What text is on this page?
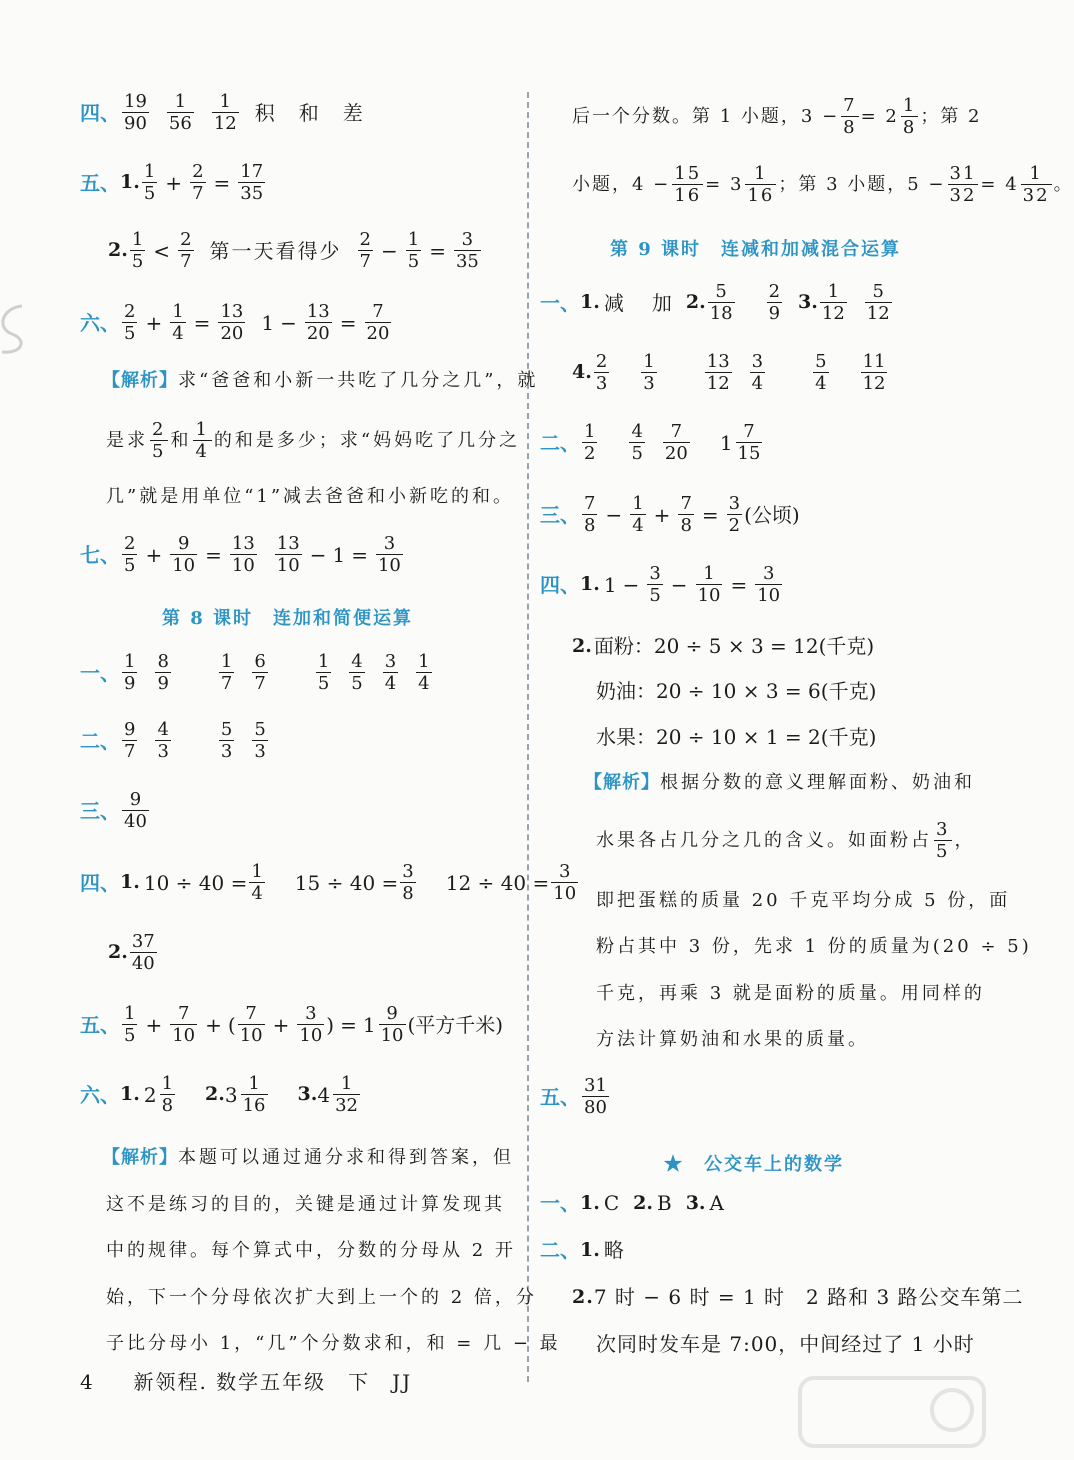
四、 $\frac{19}{90} \frac{1}{56} \frac{1}{12}$ 积　和　差
五、 1. $\frac{1}{5} + \frac{2}{7} = \frac{17}{35}$
2. $\frac{1}{5} < \frac{2}{7}$ 第一天看得少 $\frac{2}{7} - \frac{1}{5} = \frac{3}{35}$
六、 $\frac{2}{5} + \frac{1}{4} = \frac{13}{20} 1 - \frac{13}{20} = \frac{7}{20}$
【解析】求“爸爸和小新一共吃了几分之几”，就
是求 $\frac{2}{5}$ 和 $\frac{1}{4}$ 的和是多少；求“妈妈吃了几分之
几”就是用单位“1”减去爸爸和小新吃的和。
七、 $\frac{2}{5} + \frac{9}{10} = \frac{13}{10} \frac{13}{10} - 1 = \frac{3}{10}$
第 8 课时　连加和简便运算
一、 $\frac{1}{9} \frac{8}{9}$	$\frac{1}{7} \frac{6}{7}$	$\frac{1}{5} \frac{4}{5} \frac{3}{4} \frac{1}{4}$
二、 $\frac{9}{7} \frac{4}{3}$	$\frac{5}{3} \frac{5}{3}$
三、 $\frac{9}{40}$
四、 1. $10 \div 40 = \frac{1}{4} 15 \div 40 = \frac{3}{8} 12 \div 40 = \frac{3}{10}$
2. $\frac{37}{40}$
五、 $\frac{1}{5} + \frac{7}{10}$ + ( $\frac{7}{10} + \frac{3}{10}$ ) = $1 \frac{9}{10}$ (平方千米)
六、 1. $2 \frac{1}{8} 2$. $3 \frac{1}{16} 3$. $4 \frac{1}{32}$
【解析】本题可以通过通分求和得到答案，但
这不是练习的目的，关键是通过计算发现其
中的规律。每个算式中，分数的分母从 2 开
始，下一个分母依次扩大到上一个的 2 倍，分
子比分母小 1，“几”个分数求和，和 = 几 − 最
后一个分数。第 1 小题，$3 - \frac{7}{8} = 2 \frac{1}{8}$ ；第 2
小题，$4 - \frac{15}{16} = 3 \frac{1}{16}$ ；第 3 小题，$5 - \frac{31}{32} = 4 \frac{1}{32}$ 。
第 9 课时　连减和加减混合运算
一、 1. 减 加 2. $\frac{5}{18} \frac{2}{9} 3$. $\frac{1}{12} \frac{5}{12}$
4. $\frac{2}{3} \frac{1}{3}$	$\frac{13}{12} \frac{3}{4}$	$\frac{5}{4} \frac{11}{12}$
二、 $\frac{1}{2} \frac{4}{5} \frac{7}{20} 1 \frac{7}{15}$
三、 $\frac{7}{8} - \frac{1}{4} + \frac{7}{8} = \frac{3}{2}$ (公顷)
四、 1. $1 - \frac{3}{5} - \frac{1}{10} = \frac{3}{10}$
2. 面粉：20 ÷ 5 × 3 = 12(千克)
奶油：20 ÷ 10 × 3 = 6(千克)
水果：20 ÷ 10 × 1 = 2(千克)
【解析】根据分数的意义理解面粉、奶油和
水果各占几分之几的含义。如面粉占 $\frac{3}{5}$ ，
即把蛋糕的质量 20 千克平均分成 5 份，面
粉占其中 3 份，先求 1 份的质量为(20 ÷ 5)
千克，再乘 3 就是面粉的质量。用同样的
方法计算奶油和水果的质量。
五、 $\frac{31}{80}$
★　公交车上的数学
一、 1. C 2. B 3. A
二、 1. 略
2. 7 时 − 6 时 = 1 时　2 路和 3 路公交车第二
次同时发车是 7:00，中间经过了 1 小时
4 新领程. 数学五年级　下　JJ
